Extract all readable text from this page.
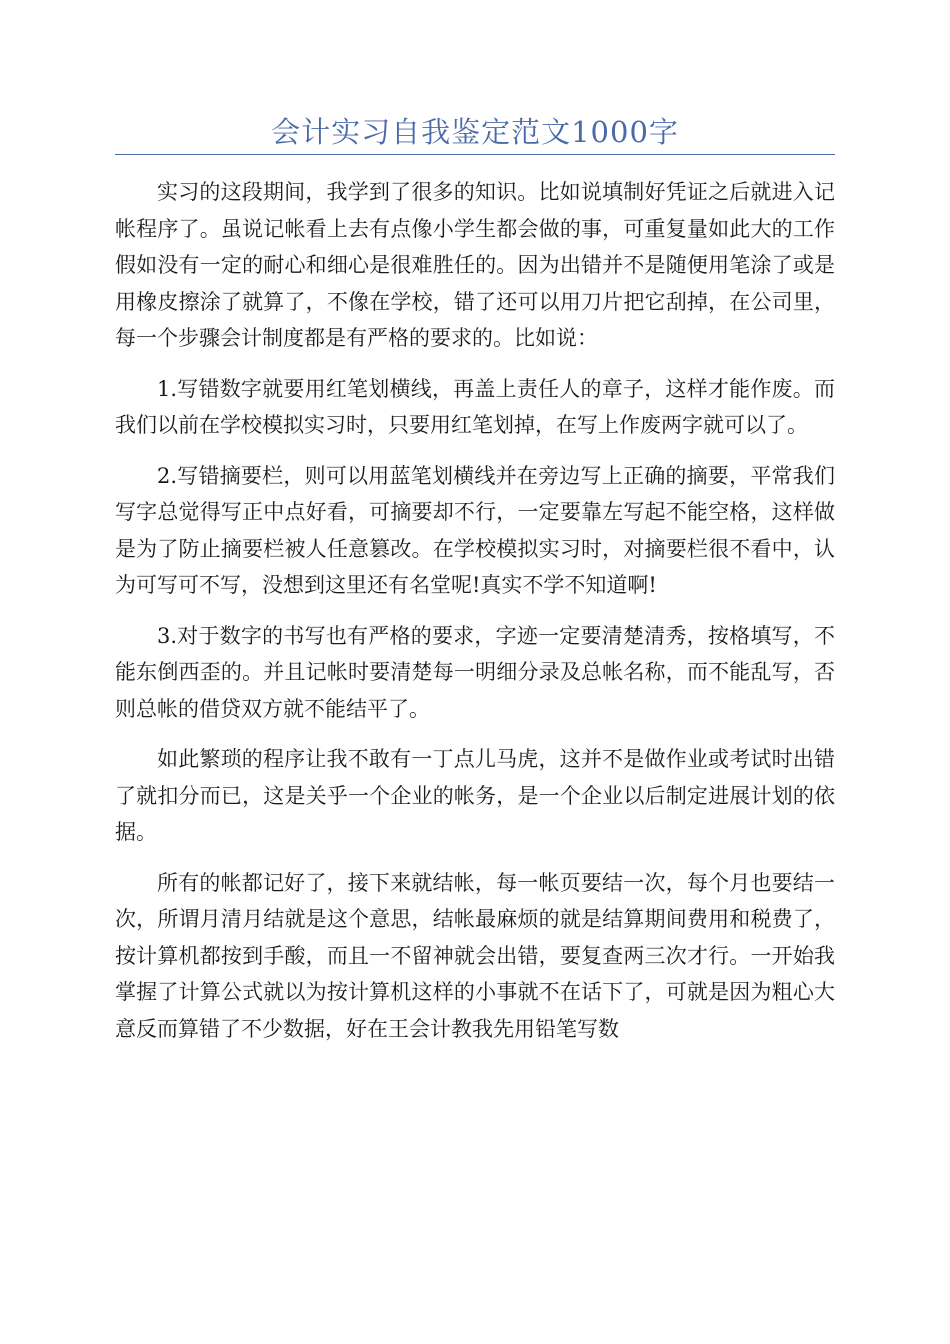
会计实习自我鉴定范文1000字

实习的这段期间，我学到了很多的知识。比如说填制好凭证之后就进入记帐程序了。虽说记帐看上去有点像小学生都会做的事，可重复量如此大的工作假如没有一定的耐心和细心是很难胜任的。因为出错并不是随便用笔涂了或是用橡皮擦涂了就算了，不像在学校，错了还可以用刀片把它刮掉，在公司里，每一个步骤会计制度都是有严格的要求的。比如说：

1.写错数字就要用红笔划横线，再盖上责任人的章子，这样才能作废。而我们以前在学校模拟实习时，只要用红笔划掉，在写上作废两字就可以了。

2.写错摘要栏，则可以用蓝笔划横线并在旁边写上正确的摘要，平常我们写字总觉得写正中点好看，可摘要却不行，一定要靠左写起不能空格，这样做是为了防止摘要栏被人任意篡改。在学校模拟实习时，对摘要栏很不看中，认为可写可不写，没想到这里还有名堂呢!真实不学不知道啊!

3.对于数字的书写也有严格的要求，字迹一定要清楚清秀，按格填写，不能东倒西歪的。并且记帐时要清楚每一明细分录及总帐名称，而不能乱写，否则总帐的借贷双方就不能结平了。

如此繁琐的程序让我不敢有一丁点儿马虎，这并不是做作业或考试时出错了就扣分而已，这是关乎一个企业的帐务，是一个企业以后制定进展计划的依据。

所有的帐都记好了，接下来就结帐，每一帐页要结一次，每个月也要结一次，所谓月清月结就是这个意思，结帐最麻烦的就是结算期间费用和税费了，按计算机都按到手酸，而且一不留神就会出错，要复查两三次才行。一开始我掌握了计算公式就以为按计算机这样的小事就不在话下了，可就是因为粗心大意反而算错了不少数据，好在王会计教我先用铅笔写数
